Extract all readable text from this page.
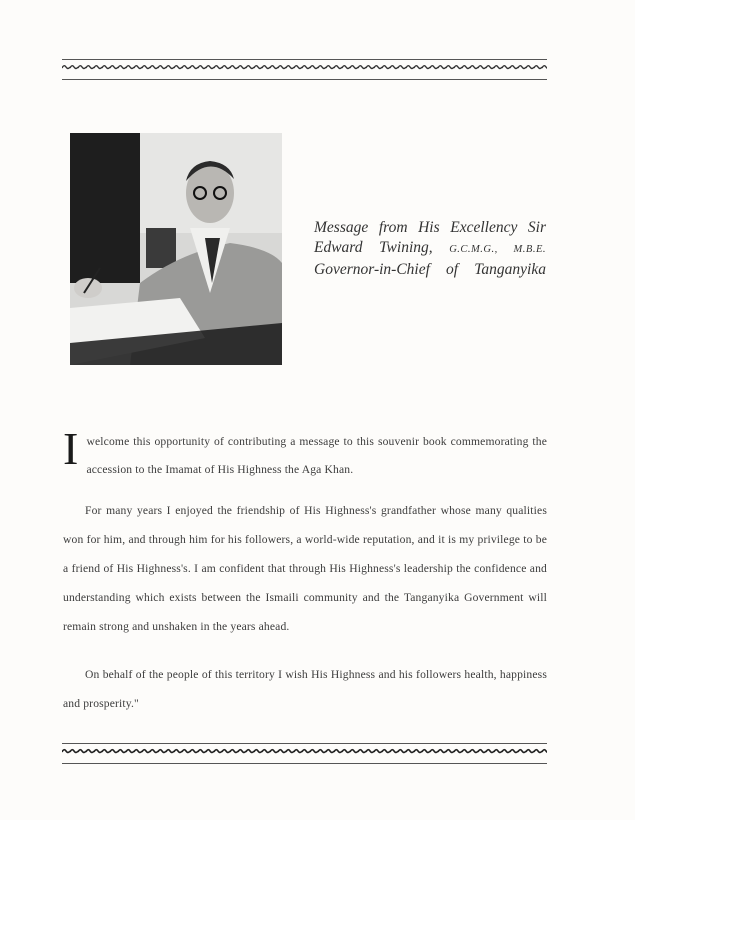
Message from His Excellency Sir
Edward Twining, G.C.M.G., M.B.E.
Governor-in-Chief of Tanganyika
I welcome this opportunity of contributing a message to this souvenir book commemorating the accession to the Imamat of His Highness the Aga Khan.
For many years I enjoyed the friendship of His Highness's grandfather whose many qualities won for him, and through him for his followers, a world-wide reputation, and it is my privilege to be a friend of His Highness's. I am confident that through His Highness's leadership the confidence and understanding which exists between the Ismaili community and the Tanganyika Government will remain strong and unshaken in the years ahead.
On behalf of the people of this territory I wish His Highness and his followers health, happiness and prosperity."
